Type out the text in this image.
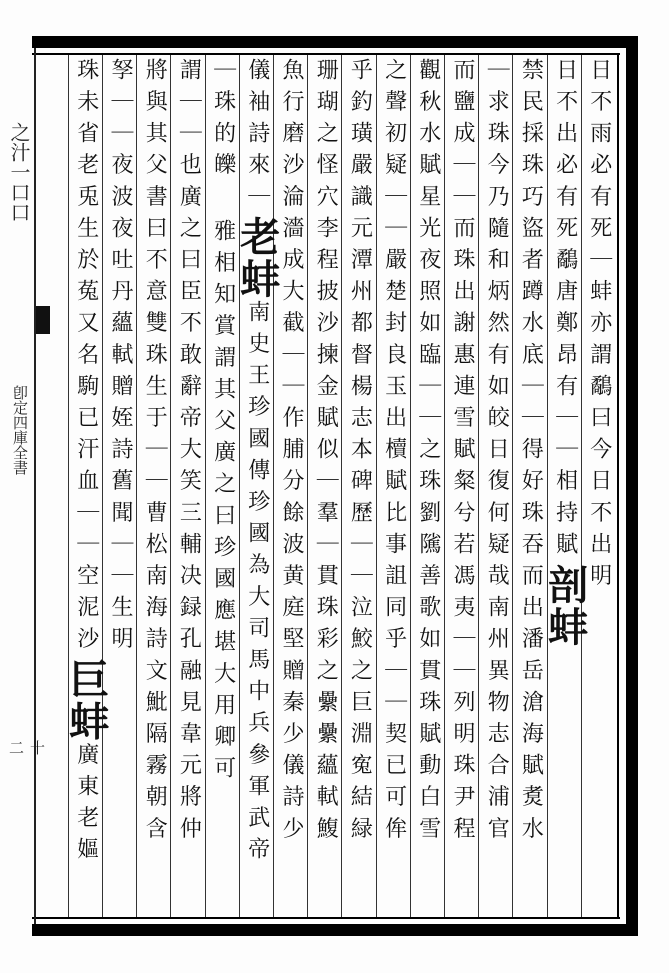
之汁一口口
卽定四庫全書
十二
日不雨必有死｜蚌亦謂鷸曰今日不出明
日不出必有死鷸唐鄭昂有｜｜相持賦剖蚌
禁民採珠巧盜者蹲水底｜｜得好珠吞而出潘岳滄海賦煑水
｜求珠今乃隨和炳然有如皎日復何疑哉南州異物志合浦官
而鹽成｜｜而珠出謝惠連雪賦粲兮若馮夷｜｜列明珠尹程
觀秋水賦星光夜照如臨｜｜之珠劉隲善歌如貫珠賦動白雪
之聲初疑｜｜嚴楚封良玉出櫝賦比事詛同乎｜｜契已可侔
乎釣璜嚴識元潭州都督楊志本碑歷｜｜泣鮫之巨淵寃結緑
珊瑚之怪穴李程披沙揀金賦似｜羣｜貫珠彩之纍纍蘊軾鰒
魚行磨沙淪濇成大截｜｜作脯分餘波黄庭堅贈秦少儀詩少
儀袖詩來｜老蚌南史王珍國傳珍國為大司馬中兵參軍武帝
｜珠的皪 雅相知賞謂其父廣之曰珍國應堪大用卿可
謂｜｜也廣之曰臣不敢辭帝大笑三輔决録孔融見韋元將仲
將與其父書曰不意雙珠生于｜｜曹松南海詩文魮隔霧朝含
孥｜｜夜波夜吐丹蘊軾贈姪詩舊聞｜｜生明
珠未省老兎生於菟又名駒已汗血｜｜空泥沙巨蚌廣東老嫗
